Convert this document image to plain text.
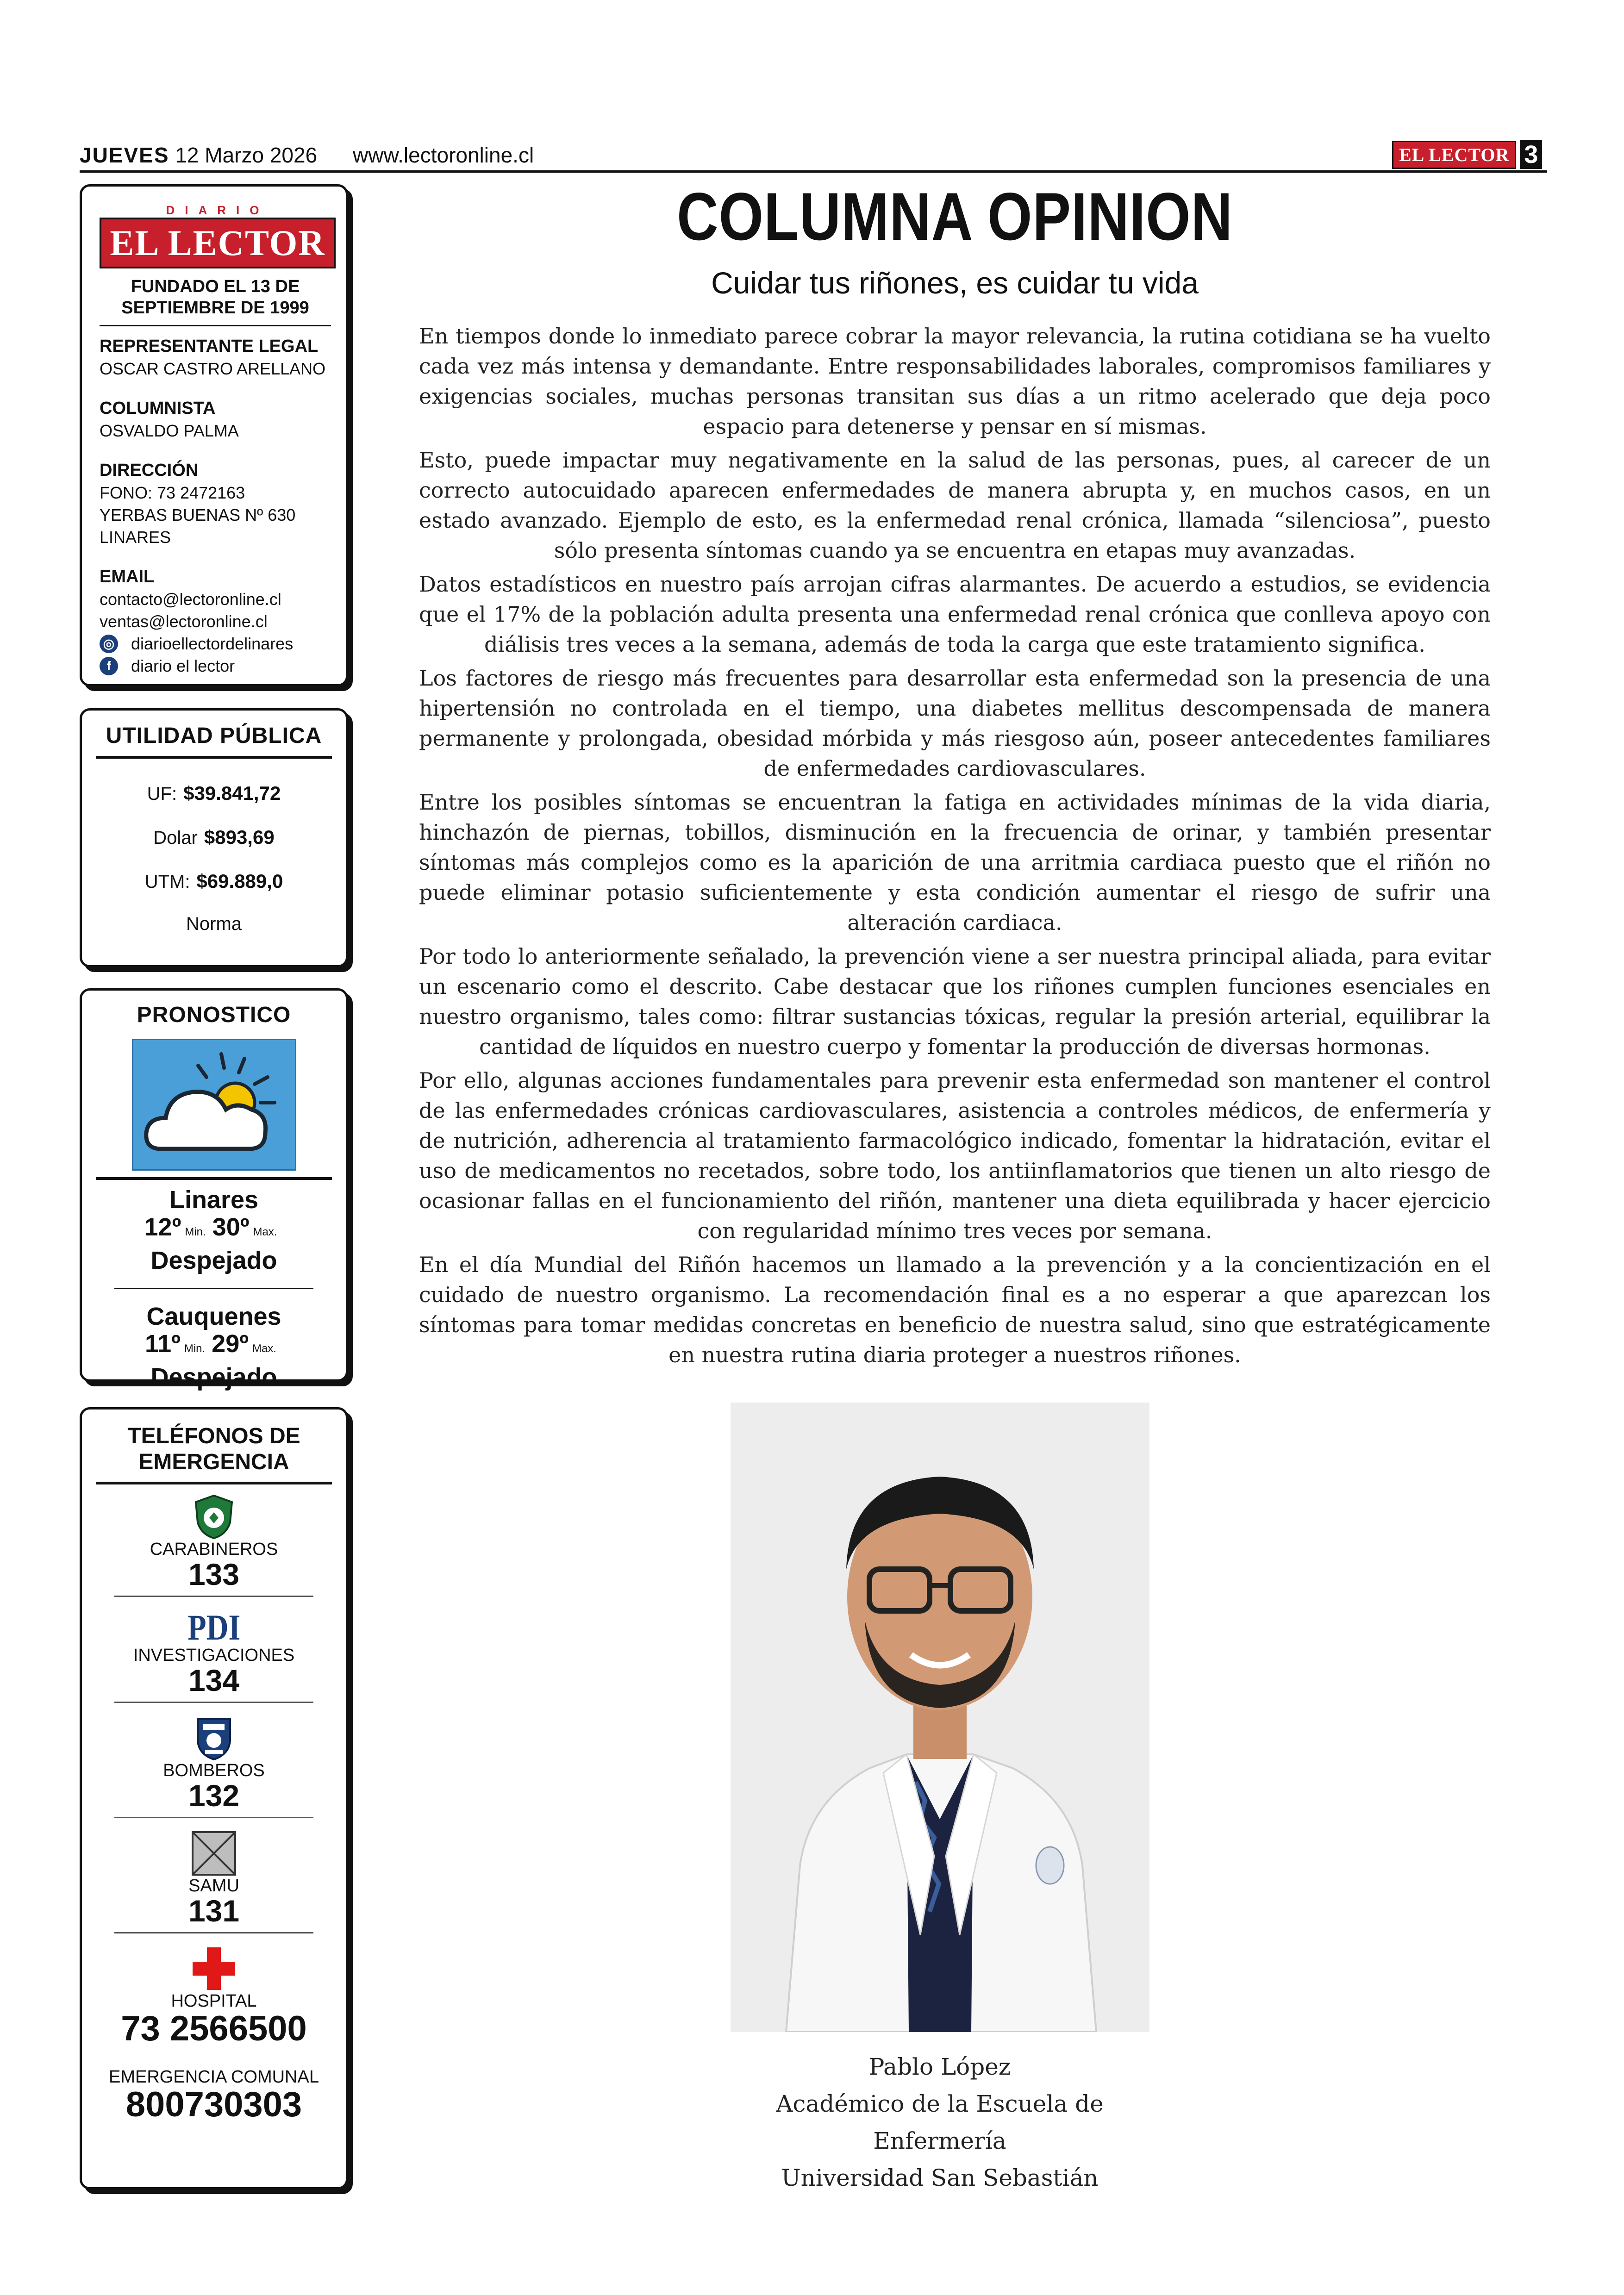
JUEVES 12 Marzo 2026 www.lectoronline.cl	EL LECTOR 3
DIARIO
EL LECTOR
FUNDADO EL 13 DE SEPTIEMBRE DE 1999
REPRESENTANTE LEGAL
OSCAR CASTRO ARELLANO
COLUMNISTA
OSVALDO PALMA
DIRECCIÓN
FONO: 73 2472163
YERBAS BUENAS Nº 630
LINARES
EMAIL
contacto@lectoronline.cl
ventas@lectoronline.cl
◎ diarioellectordelinares
f	diario el lector
UTILIDAD PÚBLICA
UF: $39.841,72
Dolar $893,69
UTM: $69.889,0
Norma
PRONOSTICO
Linares
12º Min. 30º Max.
Despejado
Cauquenes
11º Min. 29º Max.
Despejado
TELÉFONOS DE EMERGENCIA
CARABINEROS
133
PDI
INVESTIGACIONES
134
BOMBEROS
132
SAMU
131
HOSPITAL
73 2566500
EMERGENCIA COMUNAL
800730303
COLUMNA OPINION
Cuidar tus riñones, es cuidar tu vida

En tiempos donde lo inmediato parece cobrar la mayor relevancia, la rutina cotidiana se ha vuelto cada vez más intensa y demandante. Entre responsabilidades laborales, compromisos familiares y exigencias sociales, muchas personas transitan sus días a un ritmo acelerado que deja poco espacio para detenerse y pensar en sí mismas.

Esto, puede impactar muy negativamente en la salud de las personas, pues, al carecer de un correcto autocuidado aparecen enfermedades de manera abrupta y, en muchos casos, en un estado avanzado. Ejemplo de esto, es la enfermedad renal crónica, llamada “silenciosa”, puesto sólo presenta síntomas cuando ya se encuentra en etapas muy avanzadas.

Datos estadísticos en nuestro país arrojan cifras alarmantes. De acuerdo a estudios, se evidencia que el 17% de la población adulta presenta una enfermedad renal crónica que conlleva apoyo con diálisis tres veces a la semana, además de toda la carga que este tratamiento significa.

Los factores de riesgo más frecuentes para desarrollar esta enfermedad son la presencia de una hipertensión no controlada en el tiempo, una diabetes mellitus descompensada de manera permanente y prolongada, obesidad mórbida y más riesgoso aún, poseer antecedentes familiares de enfermedades cardiovasculares.

Entre los posibles síntomas se encuentran la fatiga en actividades mínimas de la vida diaria, hinchazón de piernas, tobillos, disminución en la frecuencia de orinar, y también presentar síntomas más complejos como es la aparición de una arritmia cardiaca puesto que el riñón no puede eliminar potasio suficientemente y esta condición aumentar el riesgo de sufrir una alteración cardiaca.

Por todo lo anteriormente señalado, la prevención viene a ser nuestra principal aliada, para evitar un escenario como el descrito. Cabe destacar que los riñones cumplen funciones esenciales en nuestro organismo, tales como: filtrar sustancias tóxicas, regular la presión arterial, equilibrar la cantidad de líquidos en nuestro cuerpo y fomentar la producción de diversas hormonas.

Por ello, algunas acciones fundamentales para prevenir esta enfermedad son mantener el control de las enfermedades crónicas cardiovasculares, asistencia a controles médicos, de enfermería y de nutrición, adherencia al tratamiento farmacológico indicado, fomentar la hidratación, evitar el uso de medicamentos no recetados, sobre todo, los antiinflamatorios que tienen un alto riesgo de ocasionar fallas en el funcionamiento del riñón, mantener una dieta equilibrada y hacer ejercicio con regularidad mínimo tres veces por semana.

En el día Mundial del Riñón hacemos un llamado a la prevención y a la concientización en el cuidado de nuestro organismo. La recomendación final es a no esperar a que aparezcan los síntomas para tomar medidas concretas en beneficio de nuestra salud, sino que estratégicamente en nuestra rutina diaria proteger a nuestros riñones.

Pablo López
Académico de la Escuela de Enfermería
Universidad San Sebastián
